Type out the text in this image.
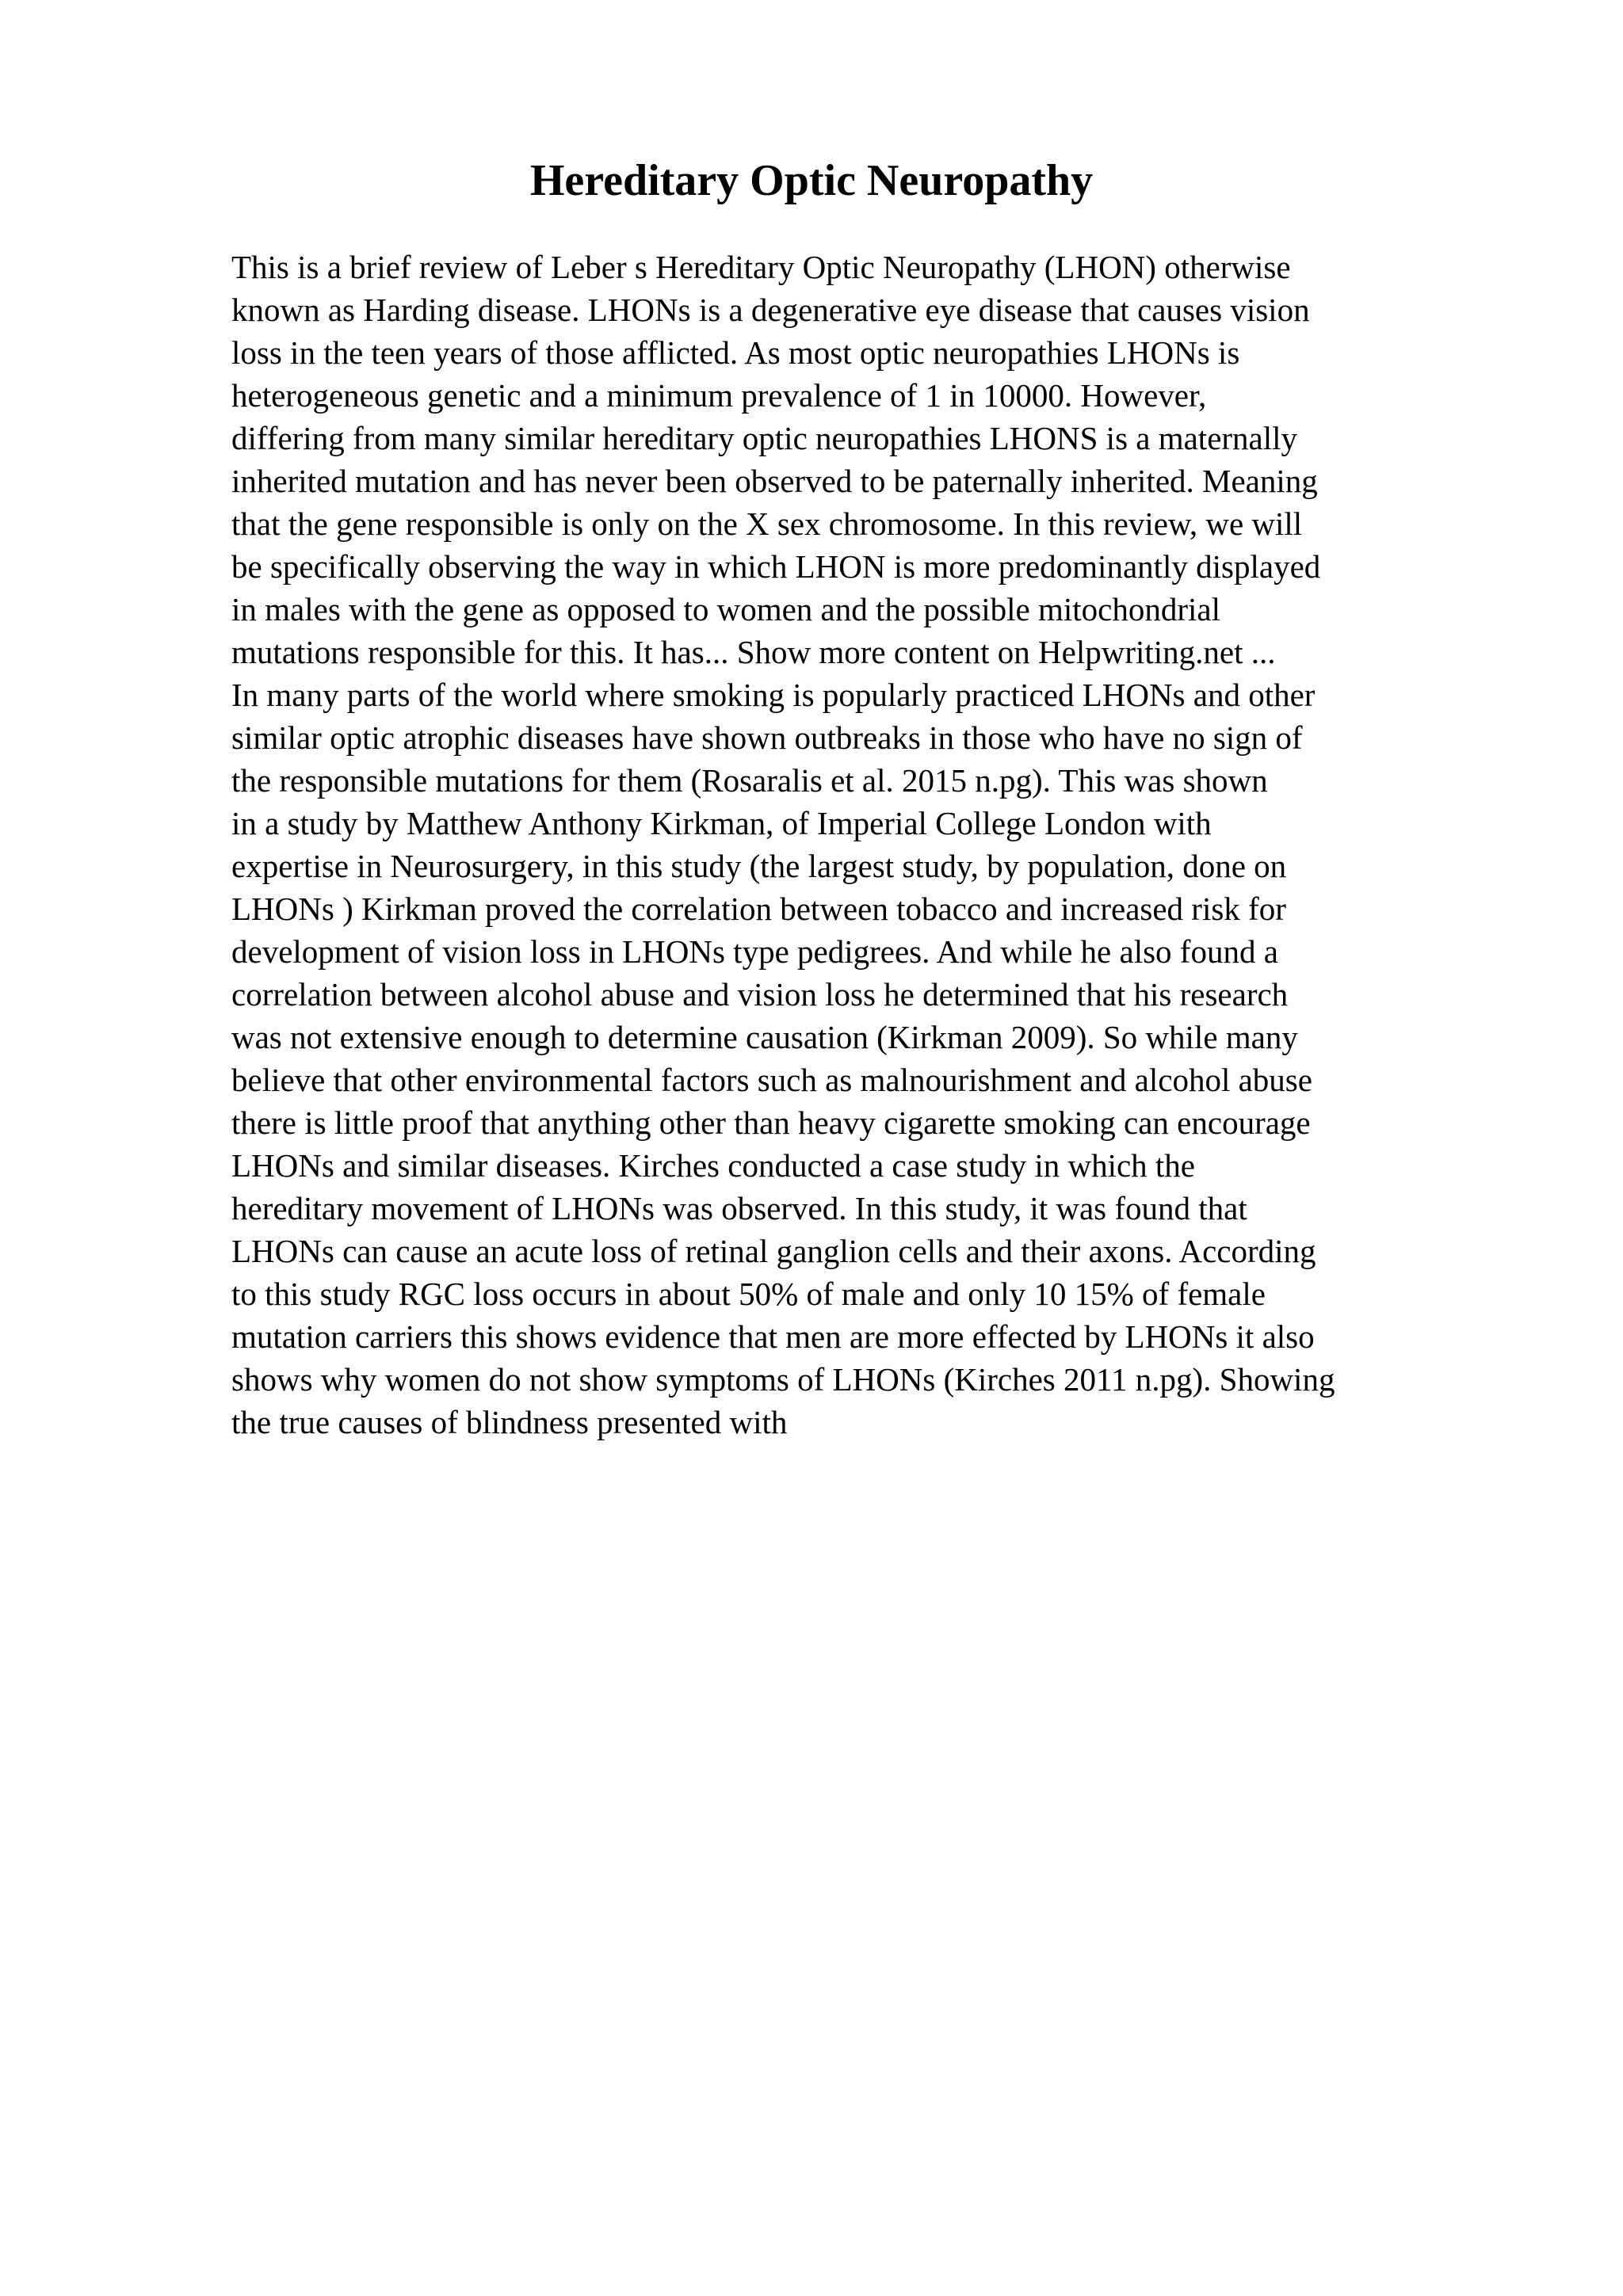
Hereditary Optic Neuropathy
This is a brief review of Leber s Hereditary Optic Neuropathy (LHON) otherwise
known as Harding disease. LHONs is a degenerative eye disease that causes vision
loss in the teen years of those afflicted. As most optic neuropathies LHONs is
heterogeneous genetic and a minimum prevalence of 1 in 10000. However,
differing from many similar hereditary optic neuropathies LHONS is a maternally
inherited mutation and has never been observed to be paternally inherited. Meaning
that the gene responsible is only on the X sex chromosome. In this review, we will
be specifically observing the way in which LHON is more predominantly displayed
in males with the gene as opposed to women and the possible mitochondrial
mutations responsible for this. It has... Show more content on Helpwriting.net ...
In many parts of the world where smoking is popularly practiced LHONs and other
similar optic atrophic diseases have shown outbreaks in those who have no sign of
the responsible mutations for them (Rosaralis et al. 2015 n.pg). This was shown
in a study by Matthew Anthony Kirkman, of Imperial College London with
expertise in Neurosurgery, in this study (the largest study, by population, done on
LHONs ) Kirkman proved the correlation between tobacco and increased risk for
development of vision loss in LHONs type pedigrees. And while he also found a
correlation between alcohol abuse and vision loss he determined that his research
was not extensive enough to determine causation (Kirkman 2009). So while many
believe that other environmental factors such as malnourishment and alcohol abuse
there is little proof that anything other than heavy cigarette smoking can encourage
LHONs and similar diseases. Kirches conducted a case study in which the
hereditary movement of LHONs was observed. In this study, it was found that
LHONs can cause an acute loss of retinal ganglion cells and their axons. According
to this study RGC loss occurs in about 50% of male and only 10 15% of female
mutation carriers this shows evidence that men are more effected by LHONs it also
shows why women do not show symptoms of LHONs (Kirches 2011 n.pg). Showing
the true causes of blindness presented with
